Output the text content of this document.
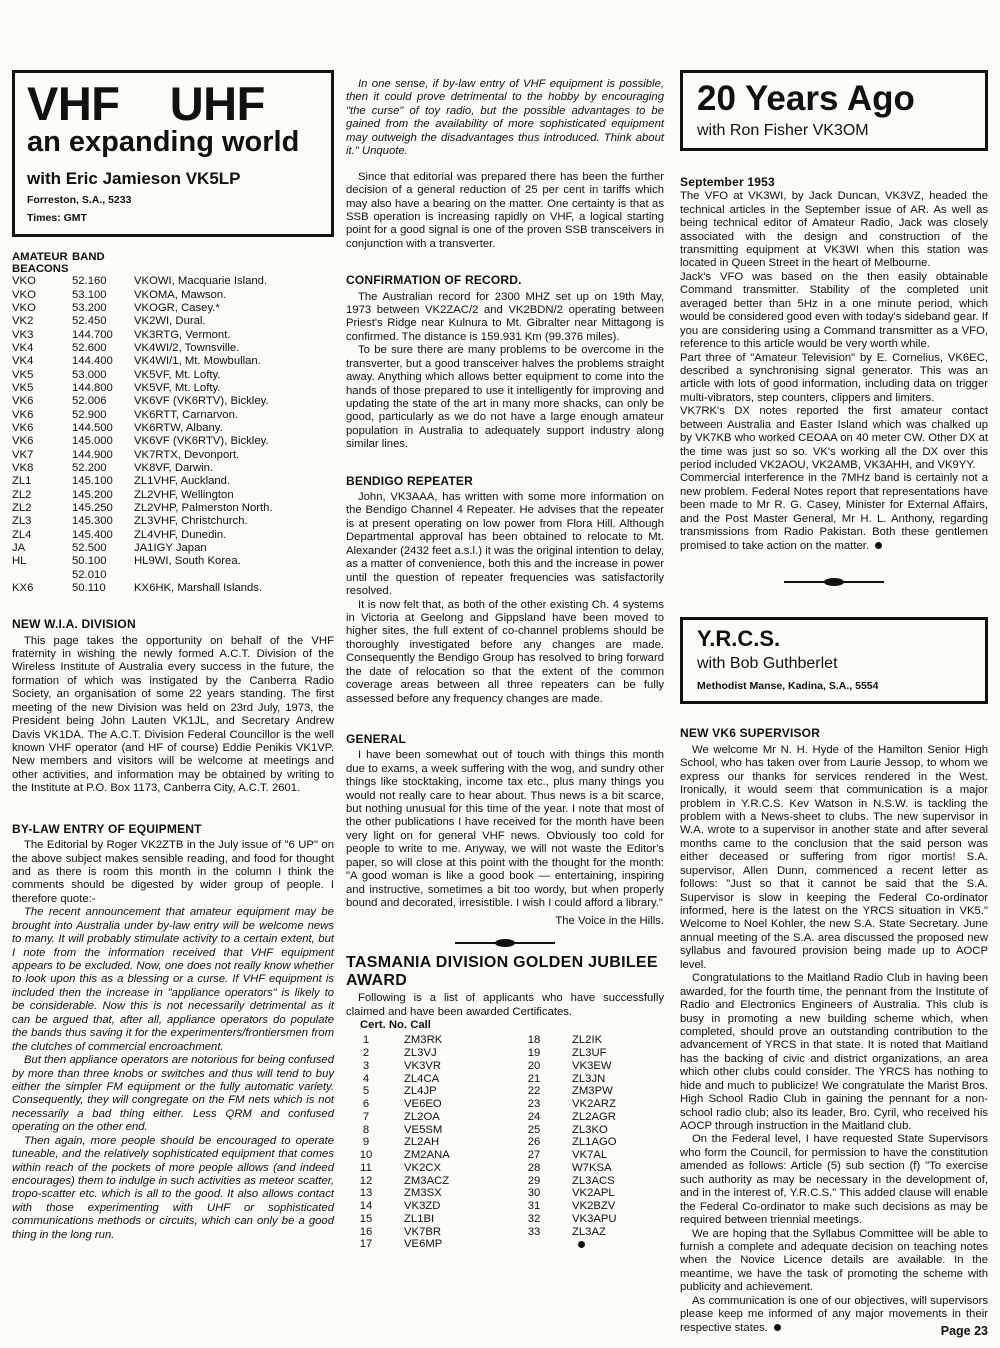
VHF    UHF
an expanding world
with Eric Jamieson VK5LP
Forreston, S.A., 5233
Times: GMT
AMATEUR
BEACONS	BAND	
VKO	52.160	VKOWI, Macquarie Island.
VKO	53.100	VKOMA, Mawson.
VKO	53.200	VKOGR, Casey.*
VK2	52.450	VK2WI, Dural.
VK3	144.700	VK3RTG, Vermont.
VK4	52.600	VK4WI/2, Townsville.
VK4	144.400	VK4WI/1, Mt. Mowbullan.
VK5	53.000	VK5VF, Mt. Lofty.
VK5	144.800	VK5VF, Mt. Lofty.
VK6	52.006	VK6VF (VK6RTV), Bickley.
VK6	52.900	VK6RTT, Carnarvon.
VK6	144.500	VK6RTW, Albany.
VK6	145.000	VK6VF (VK6RTV), Bickley.
VK7	144.900	VK7RTX, Devonport.
VK8	52.200	VK8VF, Darwin.
ZL1	145.100	ZL1VHF, Auckland.
ZL2	145.200	ZL2VHF, Wellington
ZL2	145.250	ZL2VHP, Palmerston North.
ZL3	145.300	ZL3VHF, Christchurch.
ZL4	145.400	ZL4VHF, Dunedin.
JA	52.500	JA1IGY Japan
HL	50.100	HL9WI, South Korea.
	52.010	
KX6	50.110	KX6HK, Marshall Islands.
NEW W.I.A. DIVISION

This page takes the opportunity on behalf of the VHF fraternity in wishing the newly formed A.C.T. Division of the Wireless Institute of Australia every success in the future, the formation of which was instigated by the Canberra Radio Society, an organisation of some 22 years standing. The first meeting of the new Division was held on 23rd July, 1973, the President being John Lauten VK1JL, and Secretary Andrew Davis VK1DA. The A.C.T. Division Federal Councillor is the well known VHF operator (and HF of course) Eddie Penikis VK1VP. New members and visitors will be welcome at meetings and other activities, and information may be obtained by writing to the Institute at P.O. Box 1173, Canberra City, A.C.T. 2601.

BY-LAW ENTRY OF EQUIPMENT

The Editorial by Roger VK2ZTB in the July issue of "6 UP" on the above subject makes sensible reading, and food for thought and as there is room this month in the column I think the comments should be digested by wider group of people. I therefore quote:-

The recent announcement that amateur equipment may be brought into Australia under by-law entry will be welcome news to many. It will probably stimulate activity to a certain extent, but I note from the information received that VHF equipment appears to be excluded. Now, one does not really know whether to look upon this as a blessing or a curse. If VHF equipment is included then the increase in "appliance operators" is likely to be considerable. Now this is not necessarily detrimental as it can be argued that, after all, appliance operators do populate the bands thus saving it for the experimenters/frontiersmen from the clutches of commercial encroachment.

But then appliance operators are notorious for being confused by more than three knobs or switches and thus will tend to buy either the simpler FM equipment or the fully automatic variety. Consequently, they will congregate on the FM nets which is not necessarily a bad thing either. Less QRM and confused operating on the other end.

Then again, more people should be encouraged to operate tuneable, and the relatively sophisticated equipment that comes within reach of the pockets of more people allows (and indeed encourages) them to indulge in such activities as meteor scatter, tropo-scatter etc. which is all to the good. It also allows contact with those experimenting with UHF or sophisticated communications methods or circuits, which can only be a good thing in the long run.

In one sense, if by-law entry of VHF equipment is possible, then it could prove detrimental to the hobby by encouraging "the curse" of toy radio, but the possible advantages to be gained from the availability of more sophisticated equipment may outweigh the disadvantages thus introduced. Think about it." Unquote.

Since that editorial was prepared there has been the further decision of a general reduction of 25 per cent in tariffs which may also have a bearing on the matter. One certainty is that as SSB operation is increasing rapidly on VHF, a logical starting point for a good signal is one of the proven SSB transceivers in conjunction with a transverter.

CONFIRMATION OF RECORD.

The Australian record for 2300 MHZ set up on 19th May, 1973 between VK2ZAC/2 and VK2BDN/2 operating between Priest's Ridge near Kulnura to Mt. Gibralter near Mittagong is confirmed. The distance is 159.931 Km (99.376 miles).

To be sure there are many problems to be overcome in the transverter, but a good transceiver halves the problems straight away. Anything which allows better equipment to come into the hands of those prepared to use it intelligently for improving and updating the state of the art in many more shacks, can only be good, particularly as we do not have a large enough amateur population in Australia to adequately support industry along similar lines.

BENDIGO REPEATER

John, VK3AAA, has written with some more information on the Bendigo Channel 4 Repeater. He advises that the repeater is at present operating on low power from Flora Hill. Although Departmental approval has been obtained to relocate to Mt. Alexander (2432 feet a.s.l.) it was the original intention to delay, as a matter of convenience, both this and the increase in power until the question of repeater frequencies was satisfactorily resolved.

It is now felt that, as both of the other existing Ch. 4 systems in Victoria at Geelong and Gippsland have been moved to higher sites, the full extent of co-channel problems should be thoroughly investigated before any changes are made. Consequently the Bendigo Group has resolved to bring forward the date of relocation so that the extent of the common coverage areas between all three repeaters can be fully assessed before any frequency changes are made.

GENERAL

I have been somewhat out of touch with things this month due to exams, a week suffering with the wog, and sundry other things like stocktaking, income tax etc., plus many things you would not really care to hear about. Thus news is a bit scarce, but nothing unusual for this time of the year. I note that most of the other publications I have received for the month have been very light on for general VHF news. Obviously too cold for people to write to me. Anyway, we will not waste the Editor's paper, so will close at this point with the thought for the month: "A good woman is like a good book — entertaining, inspiring and instructive, sometimes a bit too wordy, but when properly bound and decorated, irresistible. I wish I could afford a library."

The Voice in the Hills.
TASMANIA DIVISION GOLDEN JUBILEE AWARD

Following is a list of applicants who have successfully claimed and have been awarded Certificates.

Cert. No. Call
1	ZM3RK	18	ZL2IK
2	ZL3VJ	19	ZL3UF
3	VK3VR	20	VK3EW
4	ZL4CA	21	ZL3JN
5	ZL4JP	22	ZM3PW
6	VE6EO	23	VK2ARZ
7	ZL2OA	24	ZL2AGR
8	VE5SM	25	ZL3KO
9	ZL2AH	26	ZL1AGO
10	ZM2ANA	27	VK7AL
11	VK2CX	28	W7KSA
12	ZM3ACZ	29	ZL3ACS
13	ZM3SX	30	VK2APL
14	VK3ZD	31	VK2BZV
15	ZL1BI	32	VK3APU
16	VK7BR	33	ZL3AZ
17	VE6MP		
20 Years Ago
with Ron Fisher VK3OM
September 1953

The VFO at VK3WI, by Jack Duncan, VK3VZ, headed the technical articles in the September issue of AR. As well as being technical editor of Amateur Radio, Jack was closely associated with the design and construction of the transmitting equipment at VK3WI when this station was located in Queen Street in the heart of Melbourne.

Jack's VFO was based on the then easily obtainable Command transmitter. Stability of the completed unit averaged better than 5Hz in a one minute period, which would be considered good even with today's sideband gear. If you are considering using a Command transmitter as a VFO, reference to this article would be very worth while.

Part three of "Amateur Television" by E. Cornelius, VK6EC, described a synchronising signal generator. This was an article with lots of good information, including data on trigger multi-vibrators, step counters, clippers and limiters.

VK7RK's DX notes reported the first amateur contact between Australia and Easter Island which was chalked up by VK7KB who worked CEOAA on 40 meter CW. Other DX at the time was just so so. VK's working all the DX over this period included VK2AOU, VK2AMB, VK3AHH, and VK9YY.

Commercial interference in the 7MHz band is certainly not a new problem. Federal Notes report that representations have been made to Mr R. G. Casey, Minister for External Affairs, and the Post Master General, Mr H. L. Anthony, regarding transmissions from Radio Pakistan. Both these gentlemen promised to take action on the matter.

Y.R.C.S.
with Bob Guthberlet
Methodist Manse, Kadina, S.A., 5554
NEW VK6 SUPERVISOR

We welcome Mr N. H. Hyde of the Hamilton Senior High School, who has taken over from Laurie Jessop, to whom we express our thanks for services rendered in the West. Ironically, it would seem that communication is a major problem in Y.R.C.S. Kev Watson in N.S.W. is tackling the problem with a News-sheet to clubs. The new supervisor in W.A. wrote to a supervisor in another state and after several months came to the conclusion that the said person was either deceased or suffering from rigor mortis! S.A. supervisor, Allen Dunn, commenced a recent letter as follows: "Just so that it cannot be said that the S.A. Supervisor is slow in keeping the Federal Co-ordinator informed, here is the latest on the YRCS situation in VK5." Welcome to Noel Kohler, the new S.A. State Secretary. June annual meeting of the S.A. area discussed the proposed new syllabus and favoured provision being made up to AOCP level.

Congratulations to the Maitland Radio Club in having been awarded, for the fourth time, the pennant from the Institute of Radio and Electronics Engineers of Australia. This club is busy in promoting a new building scheme which, when completed, should prove an outstanding contribution to the advancement of YRCS in that state. It is noted that Maitland has the backing of civic and district organizations, an area which other clubs could consider. The YRCS has nothing to hide and much to publicize! We congratulate the Marist Bros. High School Radio Club in gaining the pennant for a non-school radio club; also its leader, Bro. Cyril, who received his AOCP through instruction in the Maitland club.

On the Federal level, I have requested State Supervisors who form the Council, for permission to have the constitution amended as follows: Article (5) sub section (f) "To exercise such authority as may be necessary in the development of, and in the interest of, Y.R.C.S." This added clause will enable the Federal Co-ordinator to make such decisions as may be required between triennial meetings.

We are hoping that the Syllabus Committee will be able to furnish a complete and adequate decision on teaching notes when the Novice Licence details are available. In the meantime, we have the task of promoting the scheme with publicity and achievement.

As communication is one of our objectives, will supervisors please keep me informed of any major movements in their respective states.	Page 23
